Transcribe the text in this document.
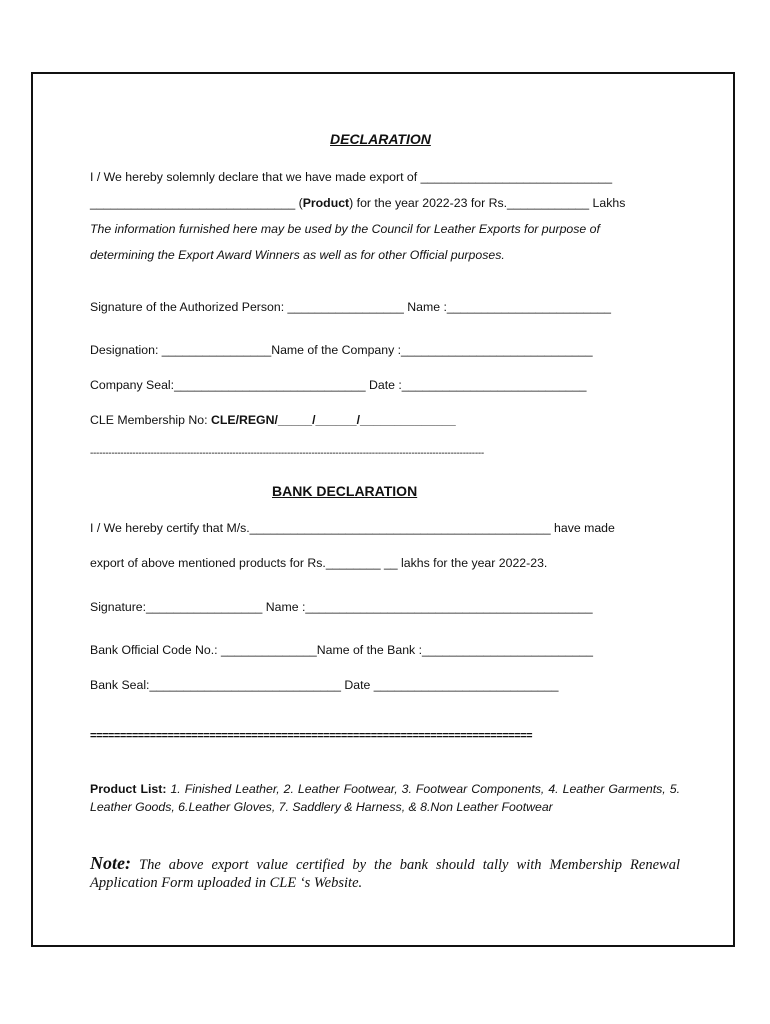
DECLARATION
I / We hereby solemnly declare that we have made export of ____________________________
______________________________ (Product) for the year 2022-23 for Rs.____________ Lakhs
The information furnished here may be used by the Council for Leather Exports for purpose of
determining the Export Award Winners as well as for other Official purposes.
Signature of the Authorized Person: _________________ Name :________________________
Designation: ________________Name of the Company :____________________________
Company Seal:____________________________ Date :___________________________
CLE Membership No: CLE/REGN/_____/______/______________
----------------------------------------------------------------------------------------------------------------------------------
BANK DECLARATION
I / We hereby certify that M/s.____________________________________________ have made
export of above mentioned products for Rs.________ __ lakhs for the year 2022-23.
Signature:_________________ Name :__________________________________________
Bank Official Code No.: ______________Name of the Bank :_________________________
Bank Seal:____________________________ Date ___________________________
==========================================================================
Product List: 1. Finished Leather, 2. Leather Footwear, 3. Footwear Components, 4. Leather Garments, 5. Leather Goods, 6.Leather Gloves, 7. Saddlery & Harness, & 8.Non Leather Footwear
Note: The above export value certified by the bank should tally with Membership Renewal Application Form uploaded in CLE ‘s Website.
